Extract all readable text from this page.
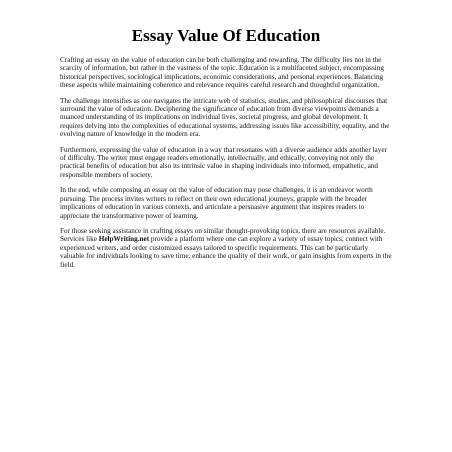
Essay Value Of Education

Crafting an essay on the value of education can be both challenging and rewarding. The difficulty lies not in the scarcity of information, but rather in the vastness of the topic. Education is a multifaceted subject, encompassing historical perspectives, sociological implications, economic considerations, and personal experiences. Balancing these aspects while maintaining coherence and relevance requires careful research and thoughtful organization.

The challenge intensifies as one navigates the intricate web of statistics, studies, and philosophical discourses that surround the value of education. Deciphering the significance of education from diverse viewpoints demands a nuanced understanding of its implications on individual lives, societal progress, and global development. It requires delving into the complexities of educational systems, addressing issues like accessibility, equality, and the evolving nature of knowledge in the modern era.

Furthermore, expressing the value of education in a way that resonates with a diverse audience adds another layer of difficulty. The writer must engage readers emotionally, intellectually, and ethically, conveying not only the practical benefits of education but also its intrinsic value in shaping individuals into informed, empathetic, and responsible members of society.

In the end, while composing an essay on the value of education may pose challenges, it is an endeavor worth pursuing. The process invites writers to reflect on their own educational journeys, grapple with the broader implications of education in various contexts, and articulate a persuasive argument that inspires readers to appreciate the transformative power of learning.

For those seeking assistance in crafting essays on similar thought-provoking topics, there are resources available. Services like HelpWriting.net provide a platform where one can explore a variety of essay topics, connect with experienced writers, and order customized essays tailored to specific requirements. This can be particularly valuable for individuals looking to save time, enhance the quality of their work, or gain insights from experts in the field.
